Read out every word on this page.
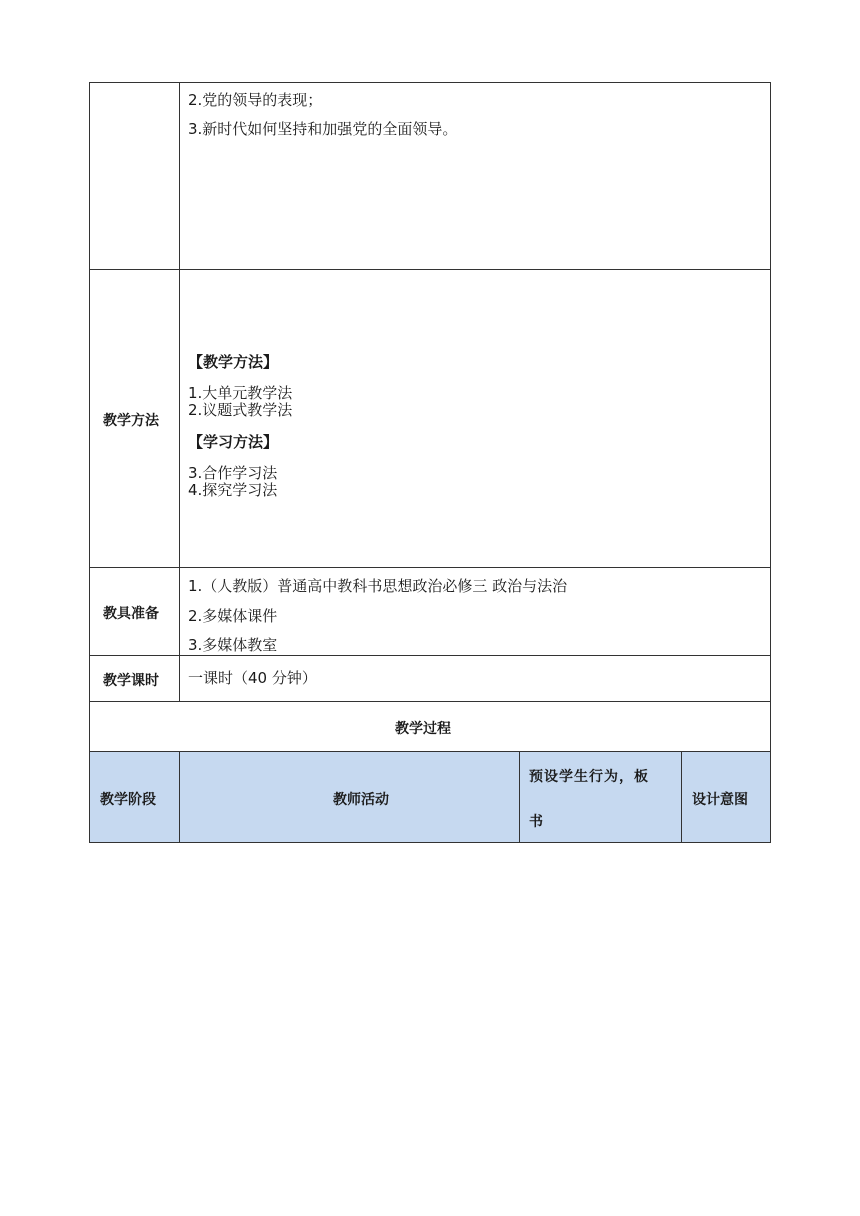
2.党的领导的表现；
3.新时代如何坚持和加强党的全面领导。
教学方法
【教学方法】
1.大单元教学法
2.议题式教学法
【学习方法】
3.合作学习法
4.探究学习法
教具准备
1.（人教版）普通高中教科书思想政治必修三 政治与法治
2.多媒体课件
3.多媒体教室
教学课时 一课时（40 分钟）
教学过程
教学阶段	教师活动
预设学生行为，板
书
设计意图
